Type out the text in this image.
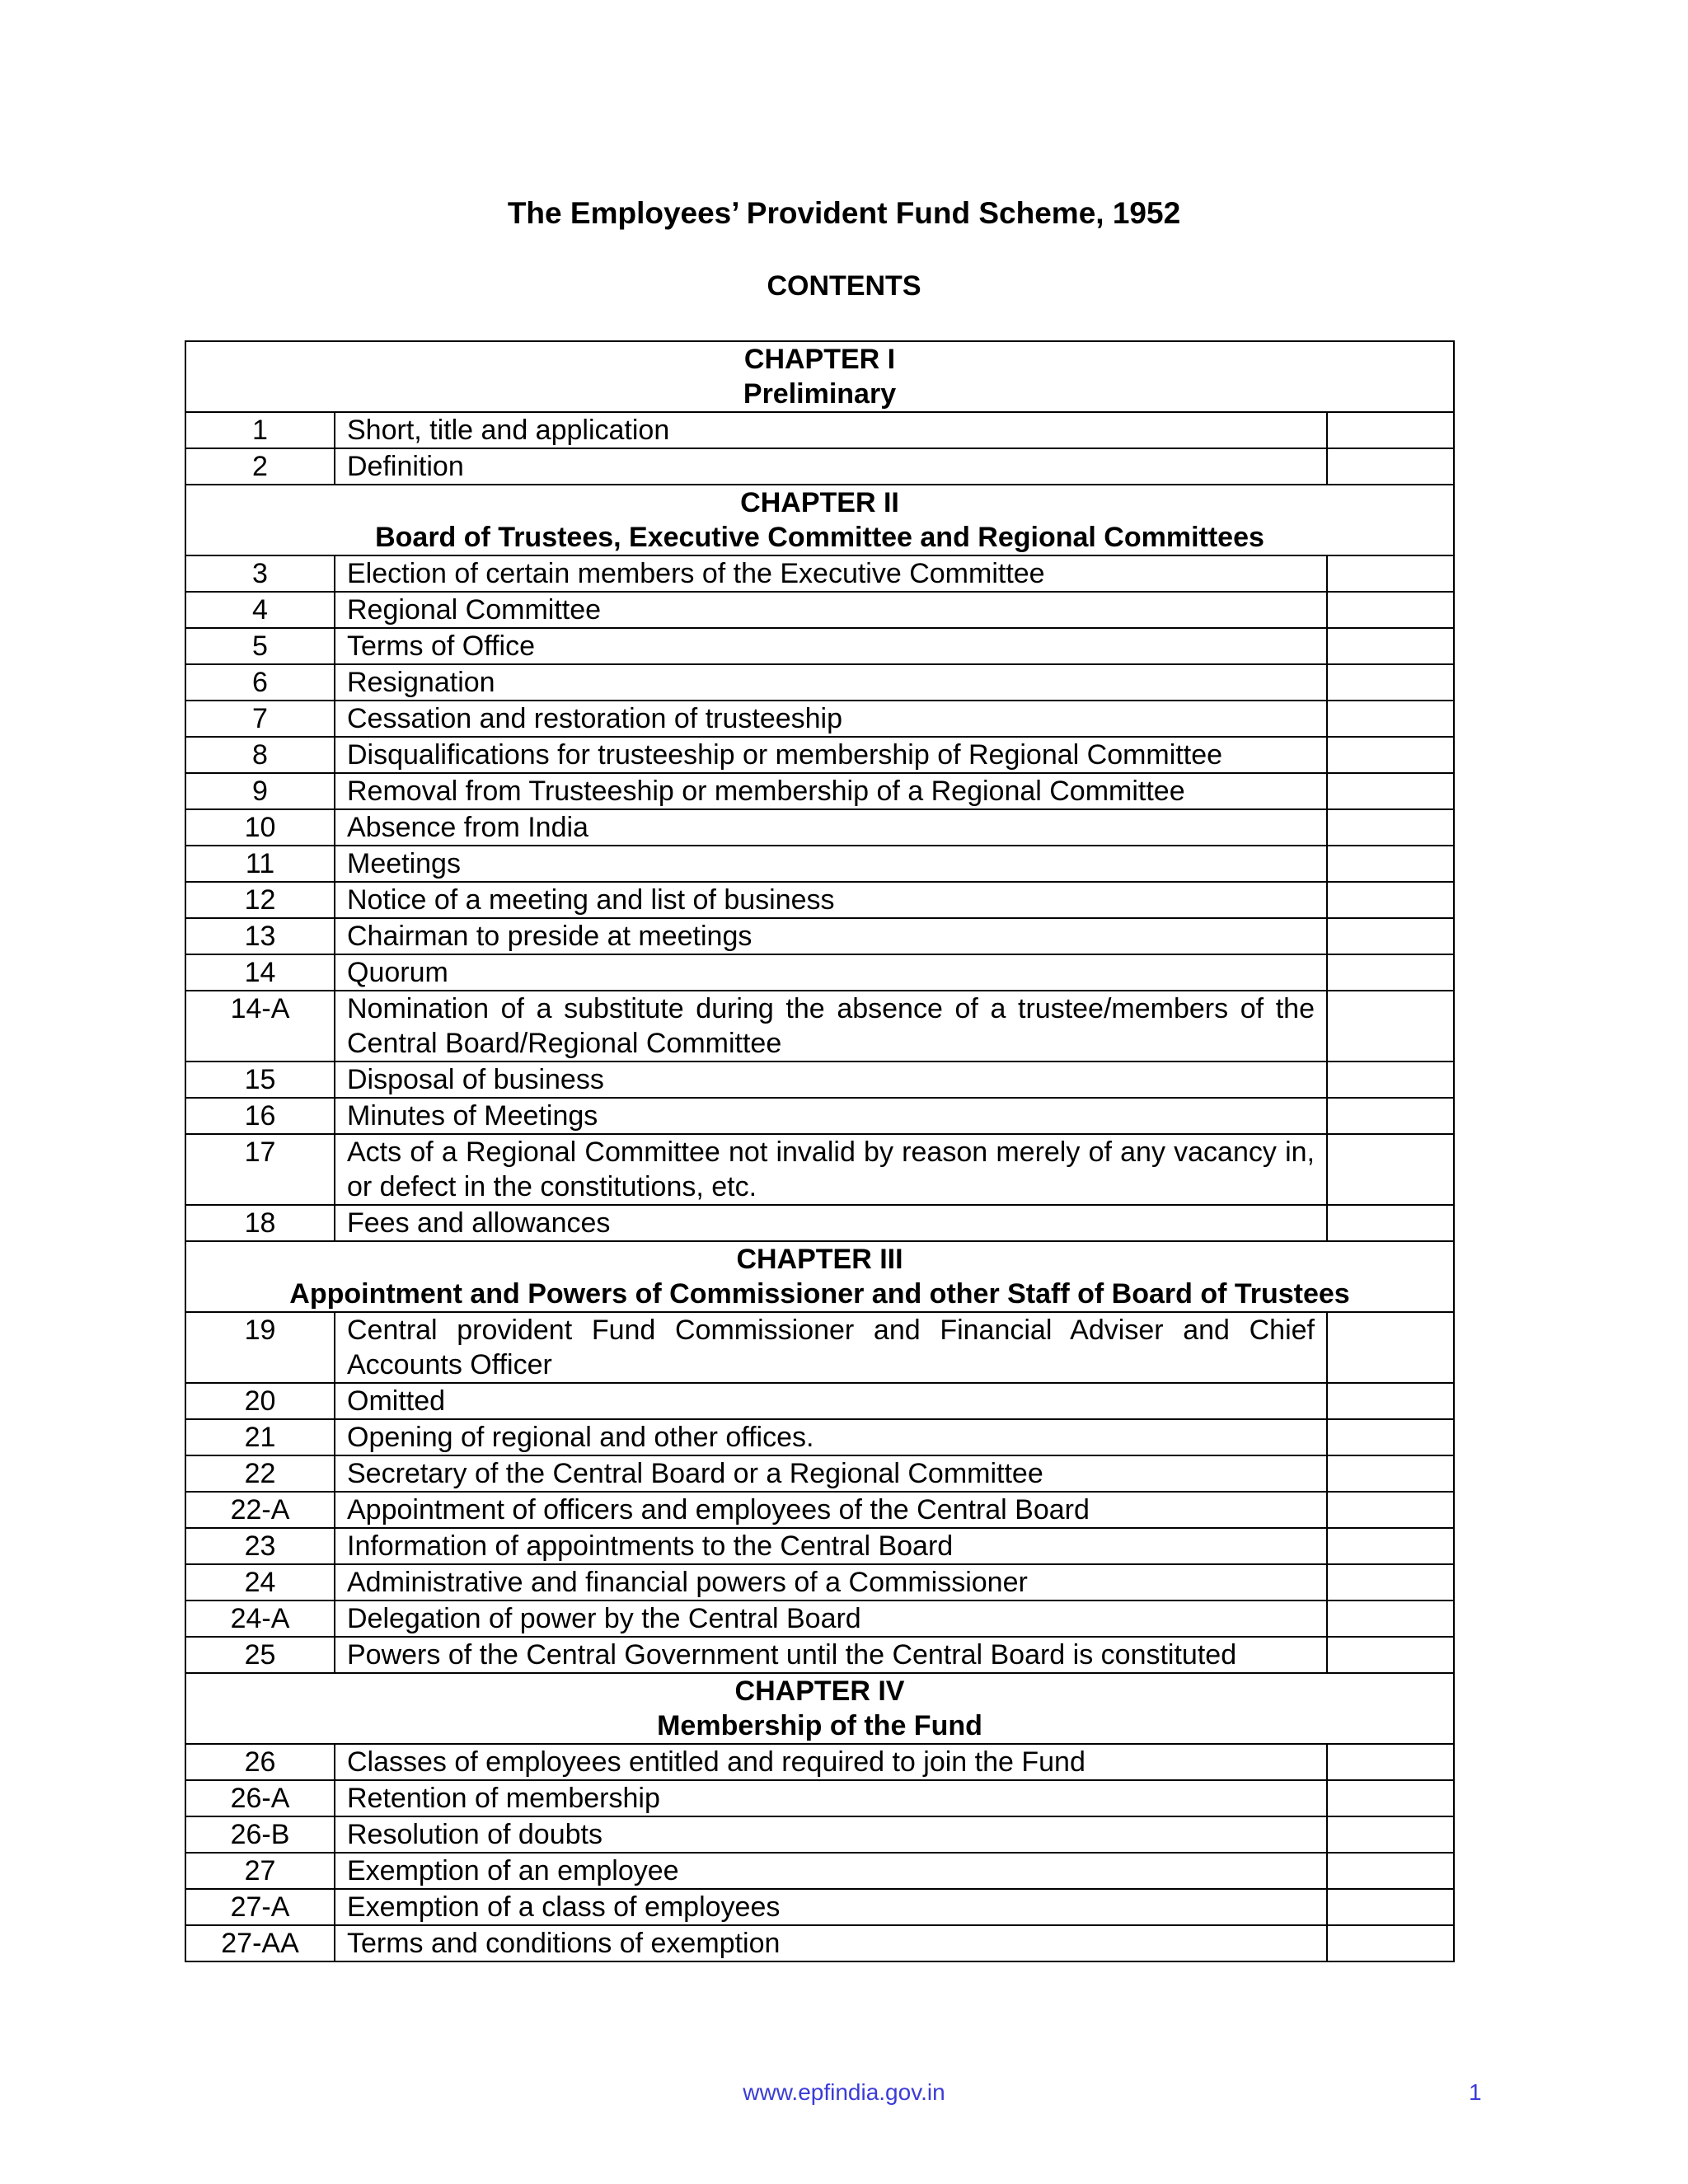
The Employees’ Provident Fund Scheme, 1952
CONTENTS
CHAPTER I
Preliminary		

1	Short, title and application	
2	Definition	

CHAPTER II
Board of Trustees, Executive Committee and Regional Committees		

3	Election of certain members of the Executive Committee	
4	Regional Committee	
5	Terms of Office	
6	Resignation	
7	Cessation and restoration of trusteeship	
8	Disqualifications for trusteeship or membership of Regional Committee	
9	Removal from Trusteeship or membership of a Regional Committee	
10	Absence from India	
11	Meetings	
12	Notice of a meeting and list of business	
13	Chairman to preside at meetings	
14	Quorum	
14-A	Nomination of a substitute during the absence of a trustee/members of the Central Board/Regional Committee	
15	Disposal of business	
16	Minutes of Meetings	
17	Acts of a Regional Committee not invalid by reason merely of any vacancy in, or defect in the constitutions, etc.	
18	Fees and allowances	

CHAPTER III
Appointment and Powers of Commissioner and other Staff of Board of Trustees		

19	Central provident Fund Commissioner and Financial Adviser and Chief Accounts Officer	
20	Omitted	
21	Opening of regional and other offices.	
22	Secretary of the Central Board or a Regional Committee	
22-A	Appointment of officers and employees of the Central Board	
23	Information of appointments to the Central Board	
24	Administrative and financial powers of a Commissioner	
24-A	Delegation of power by the Central Board	
25	Powers of the Central Government until the Central Board is constituted	

CHAPTER IV
Membership of the Fund		

26	Classes of employees entitled and required to join the Fund	
26-A	Retention of membership	
26-B	Resolution of doubts	
27	Exemption of an employee	
27-A	Exemption of a class of employees	
27-AA	Terms and conditions of exemption	
www.epfindia.gov.in	1
